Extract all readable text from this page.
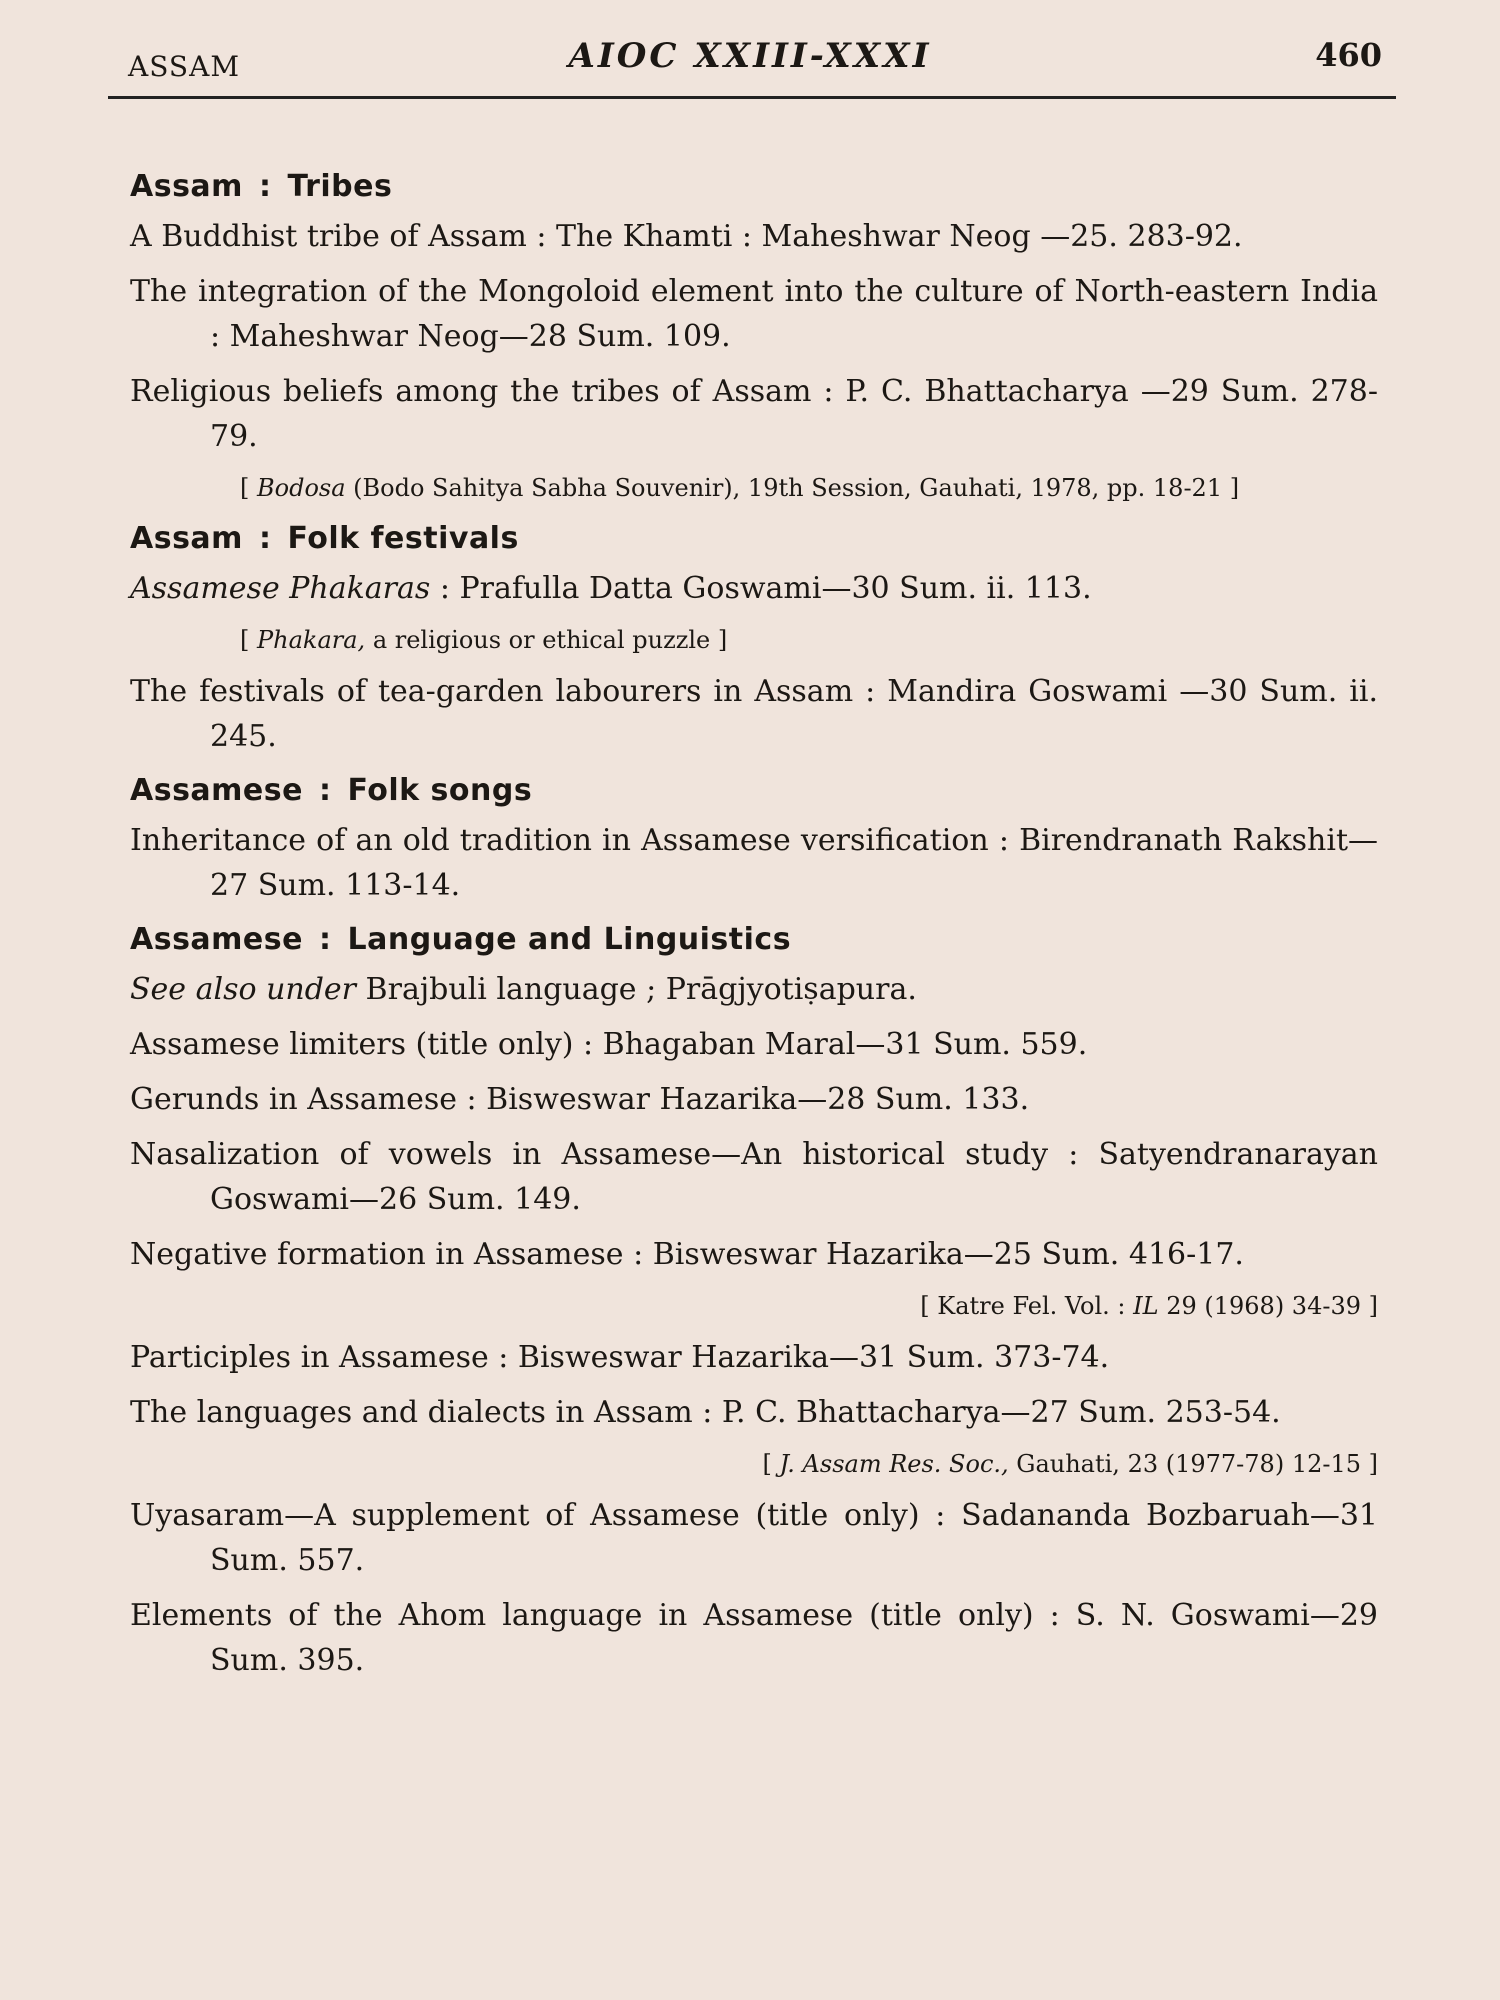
ASSAM	AIOC XXIII-XXXI	460
Assam : Tribes
A Buddhist tribe of Assam : The Khamti : Maheshwar Neog —25. 283-92.
The integration of the Mongoloid element into the culture of North-eastern India : Maheshwar Neog—28 Sum. 109.
Religious beliefs among the tribes of Assam : P. C. Bhattacharya —29 Sum. 278-79.
[ Bodosa (Bodo Sahitya Sabha Souvenir), 19th Session, Gauhati, 1978, pp. 18-21 ]
Assam : Folk festivals
Assamese Phakaras : Prafulla Datta Goswami—30 Sum. ii. 113.
[ Phakara, a religious or ethical puzzle ]
The festivals of tea-garden labourers in Assam : Mandira Goswami —30 Sum. ii. 245.
Assamese : Folk songs
Inheritance of an old tradition in Assamese versification : Birendranath Rakshit—27 Sum. 113-14.
Assamese : Language and Linguistics
See also under Brajbuli language ; Prāgjyotiṣapura.
Assamese limiters (title only) : Bhagaban Maral—31 Sum. 559.
Gerunds in Assamese : Bisweswar Hazarika—28 Sum. 133.
Nasalization of vowels in Assamese—An historical study : Satyendranarayan Goswami—26 Sum. 149.
Negative formation in Assamese : Bisweswar Hazarika—25 Sum. 416-17.
[ Katre Fel. Vol. : IL 29 (1968) 34-39 ]
Participles in Assamese : Bisweswar Hazarika—31 Sum. 373-74.
The languages and dialects in Assam : P. C. Bhattacharya—27 Sum. 253-54.
[ J. Assam Res. Soc., Gauhati, 23 (1977-78) 12-15 ]
Uyasaram—A supplement of Assamese (title only) : Sadananda Bozbaruah—31 Sum. 557.
Elements of the Ahom language in Assamese (title only) : S. N. Goswami—29 Sum. 395.
